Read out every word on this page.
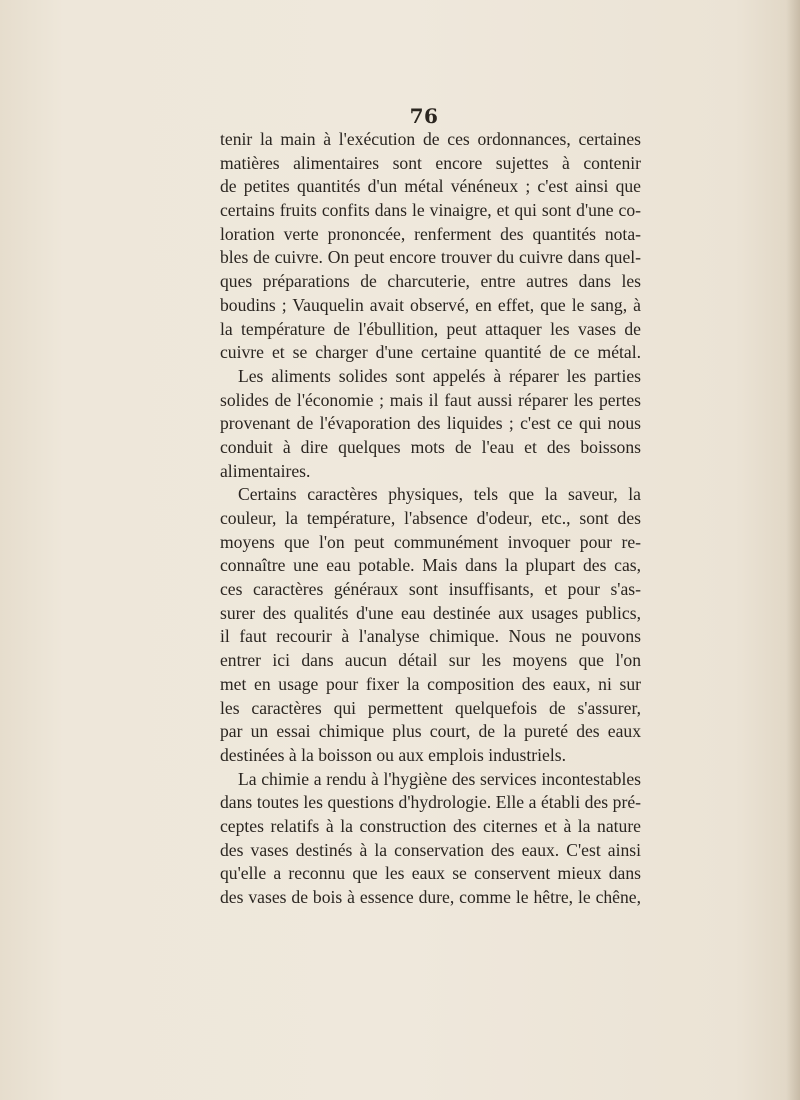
76
tenir la main à l'exécution de ces ordonnances, certaines
matières alimentaires sont encore sujettes à contenir
de petites quantités d'un métal vénéneux ; c'est ainsi que
certains fruits confits dans le vinaigre, et qui sont d'une co-
loration verte prononcée, renferment des quantités nota-
bles de cuivre. On peut encore trouver du cuivre dans quel-
ques préparations de charcuterie, entre autres dans les
boudins ; Vauquelin avait observé, en effet, que le sang, à
la température de l'ébullition, peut attaquer les vases de
cuivre et se charger d'une certaine quantité de ce métal.
Les aliments solides sont appelés à réparer les parties
solides de l'économie ; mais il faut aussi réparer les pertes
provenant de l'évaporation des liquides ; c'est ce qui nous
conduit à dire quelques mots de l'eau et des boissons
alimentaires.
Certains caractères physiques, tels que la saveur, la
couleur, la température, l'absence d'odeur, etc., sont des
moyens que l'on peut communément invoquer pour re-
connaître une eau potable. Mais dans la plupart des cas,
ces caractères généraux sont insuffisants, et pour s'as-
surer des qualités d'une eau destinée aux usages publics,
il faut recourir à l'analyse chimique. Nous ne pouvons
entrer ici dans aucun détail sur les moyens que l'on
met en usage pour fixer la composition des eaux, ni sur
les caractères qui permettent quelquefois de s'assurer,
par un essai chimique plus court, de la pureté des eaux
destinées à la boisson ou aux emplois industriels.
La chimie a rendu à l'hygiène des services incontestables
dans toutes les questions d'hydrologie. Elle a établi des pré-
ceptes relatifs à la construction des citernes et à la nature
des vases destinés à la conservation des eaux. C'est ainsi
qu'elle a reconnu que les eaux se conservent mieux dans
des vases de bois à essence dure, comme le hêtre, le chêne,
